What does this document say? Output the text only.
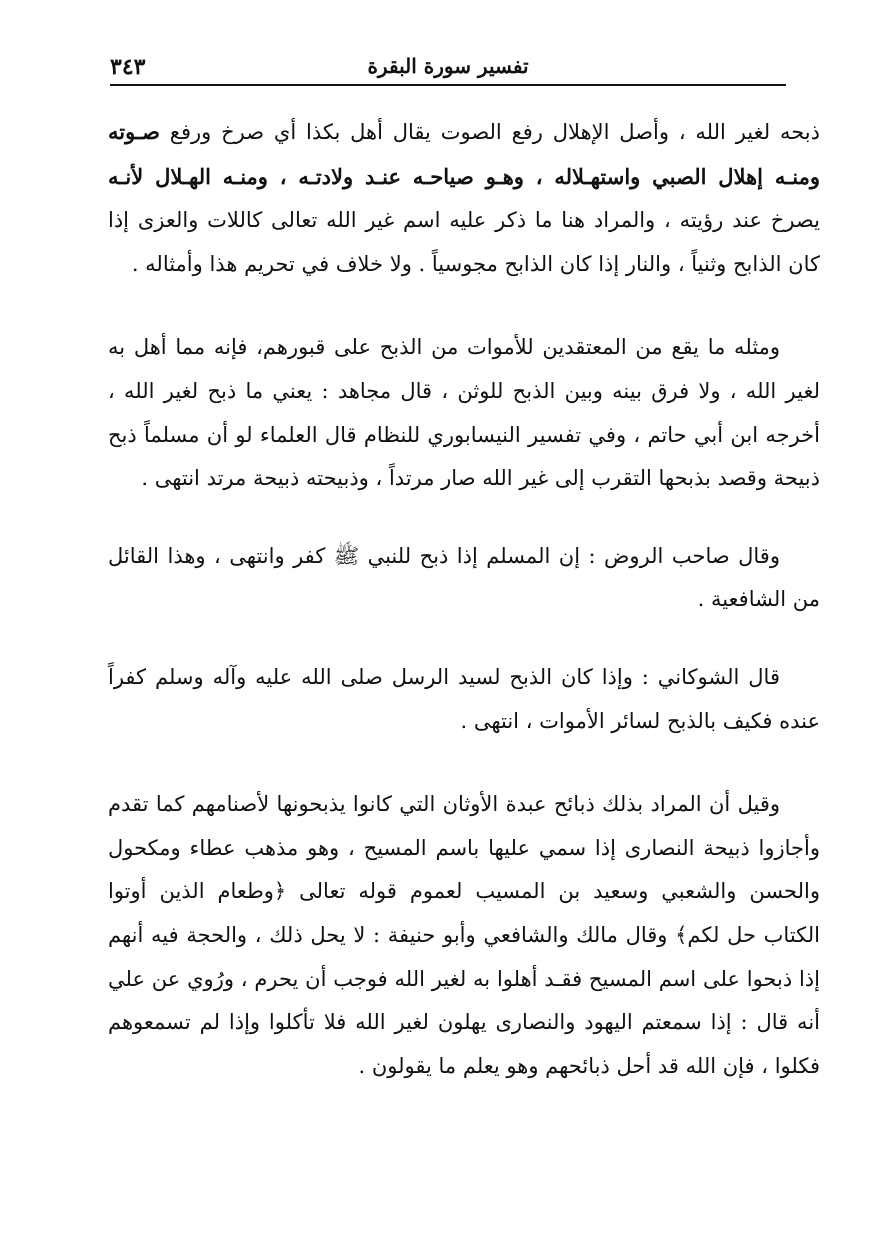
٣٤٣	تفسير سورة البقرة

ذبحه لغير الله ، وأصل الإهلال رفع الصوت يقال أهل بكذا أي صرخ ورفع صـوته ومنـه إهلال الصبي واستهـلاله ، وهـو صياحـه عنـد ولادتـه ، ومنـه الهـلال لأنـه يصرخ عند رؤيته ، والمراد هنا ما ذكر عليه اسم غير الله تعالى كاللات والعزى إذا كان الذابح وثنياً ، والنار إذا كان الذابح مجوسياً . ولا خلاف في تحريم هذا وأمثاله .

ومثله ما يقع من المعتقدين للأموات من الذبح على قبورهم، فإنه مما أهل به لغير الله ، ولا فرق بينه وبين الذبح للوثن ، قال مجاهد : يعني ما ذبح لغير الله ، أخرجه ابن أبي حاتم ، وفي تفسير النيسابوري للنظام قال العلماء لو أن مسلماً ذبح ذبيحة وقصد بذبحها التقرب إلى غير الله صار مرتداً ، وذبيحته ذبيحة مرتد انتهى .

وقال صاحب الروض : إن المسلم إذا ذبح للنبي ﷺ كفر وانتهى ، وهذا القائل من الشافعية .

قال الشوكاني : وإذا كان الذبح لسيد الرسل صلى الله عليه وآله وسلم كفراً عنده فكيف بالذبح لسائر الأموات ، انتهى .

وقيل أن المراد بذلك ذبائح عبدة الأوثان التي كانوا يذبحونها لأصنامهم كما تقدم وأجازوا ذبيحة النصارى إذا سمي عليها باسم المسيح ، وهو مذهب عطاء ومكحول والحسن والشعبي وسعيد بن المسيب لعموم قوله تعالى ﴿وطعام الذين أوتوا الكتاب حل لكم﴾ وقال مالك والشافعي وأبو حنيفة : لا يحل ذلك ، والحجة فيه أنهم إذا ذبحوا على اسم المسيح فقـد أهلوا به لغير الله فوجب أن يحرم ، ورُوي عن علي أنه قال : إذا سمعتم اليهود والنصارى يهلون لغير الله فلا تأكلوا وإذا لم تسمعوهم فكلوا ، فإن الله قد أحل ذبائحهم وهو يعلم ما يقولون .
